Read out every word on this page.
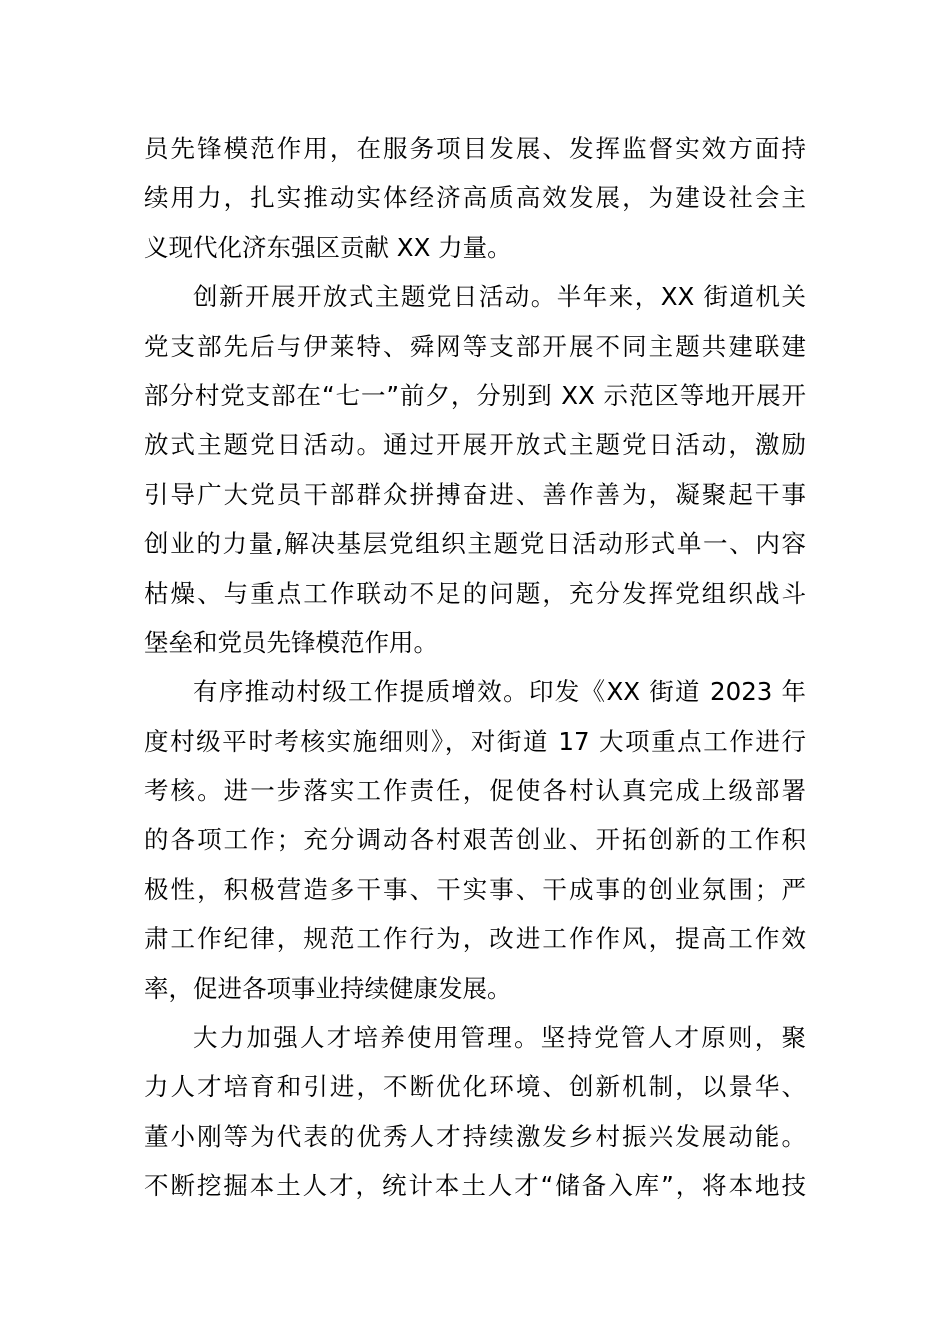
员先锋模范作用，在服务项目发展、发挥监督实效方面持
续用力，扎实推动实体经济高质高效发展，为建设社会主
义现代化济东强区贡献 XX 力量。
创新开展开放式主题党日活动。半年来，XX 街道机关
党支部先后与伊莱特、舜网等支部开展不同主题共建联建
部分村党支部在“七一”前夕，分别到 XX 示范区等地开展开
放式主题党日活动。通过开展开放式主题党日活动，激励
引导广大党员干部群众拼搏奋进、善作善为，凝聚起干事
创业的力量,解决基层党组织主题党日活动形式单一、内容
枯燥、与重点工作联动不足的问题，充分发挥党组织战斗
堡垒和党员先锋模范作用。
有序推动村级工作提质增效。印发《XX 街道 2023 年
度村级平时考核实施细则》，对街道 17 大项重点工作进行
考核。进一步落实工作责任，促使各村认真完成上级部署
的各项工作；充分调动各村艰苦创业、开拓创新的工作积
极性，积极营造多干事、干实事、干成事的创业氛围；严
肃工作纪律，规范工作行为，改进工作作风，提高工作效
率，促进各项事业持续健康发展。
大力加强人才培养使用管理。坚持党管人才原则，聚
力人才培育和引进，不断优化环境、创新机制，以景华、
董小刚等为代表的优秀人才持续激发乡村振兴发展动能。
不断挖掘本土人才，统计本土人才“储备入库”，将本地技
